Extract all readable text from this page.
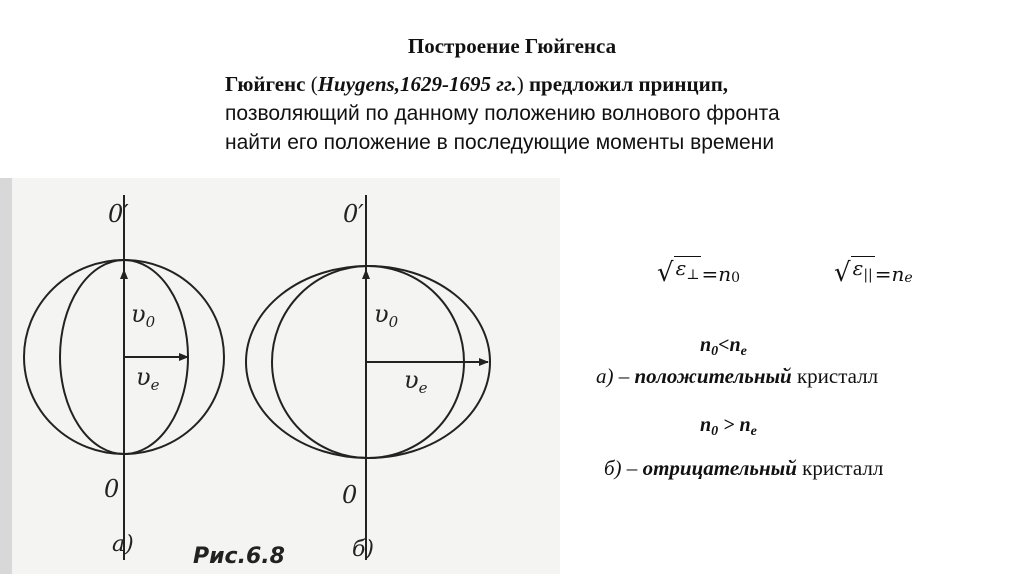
Построение Гюйгенса
Гюйгенс (Huygens,1629-1695 гг.) предложил принцип,
позволяющий по данному положению волнового фронта
найти его положение в последующие моменты времени
0′
$\upsilon_0$
$\upsilon_e$
0
а)
0′
$\upsilon_0$
$\upsilon_e$
0
б)
Рис.6.8
√ $\varepsilon_\perp = n$ 0	√ $\varepsilon_{||} = n$ e
$n_0<n_e$
а) – положительный кристалл
$n_0 > n_e$
б) – отрицательный кристалл
